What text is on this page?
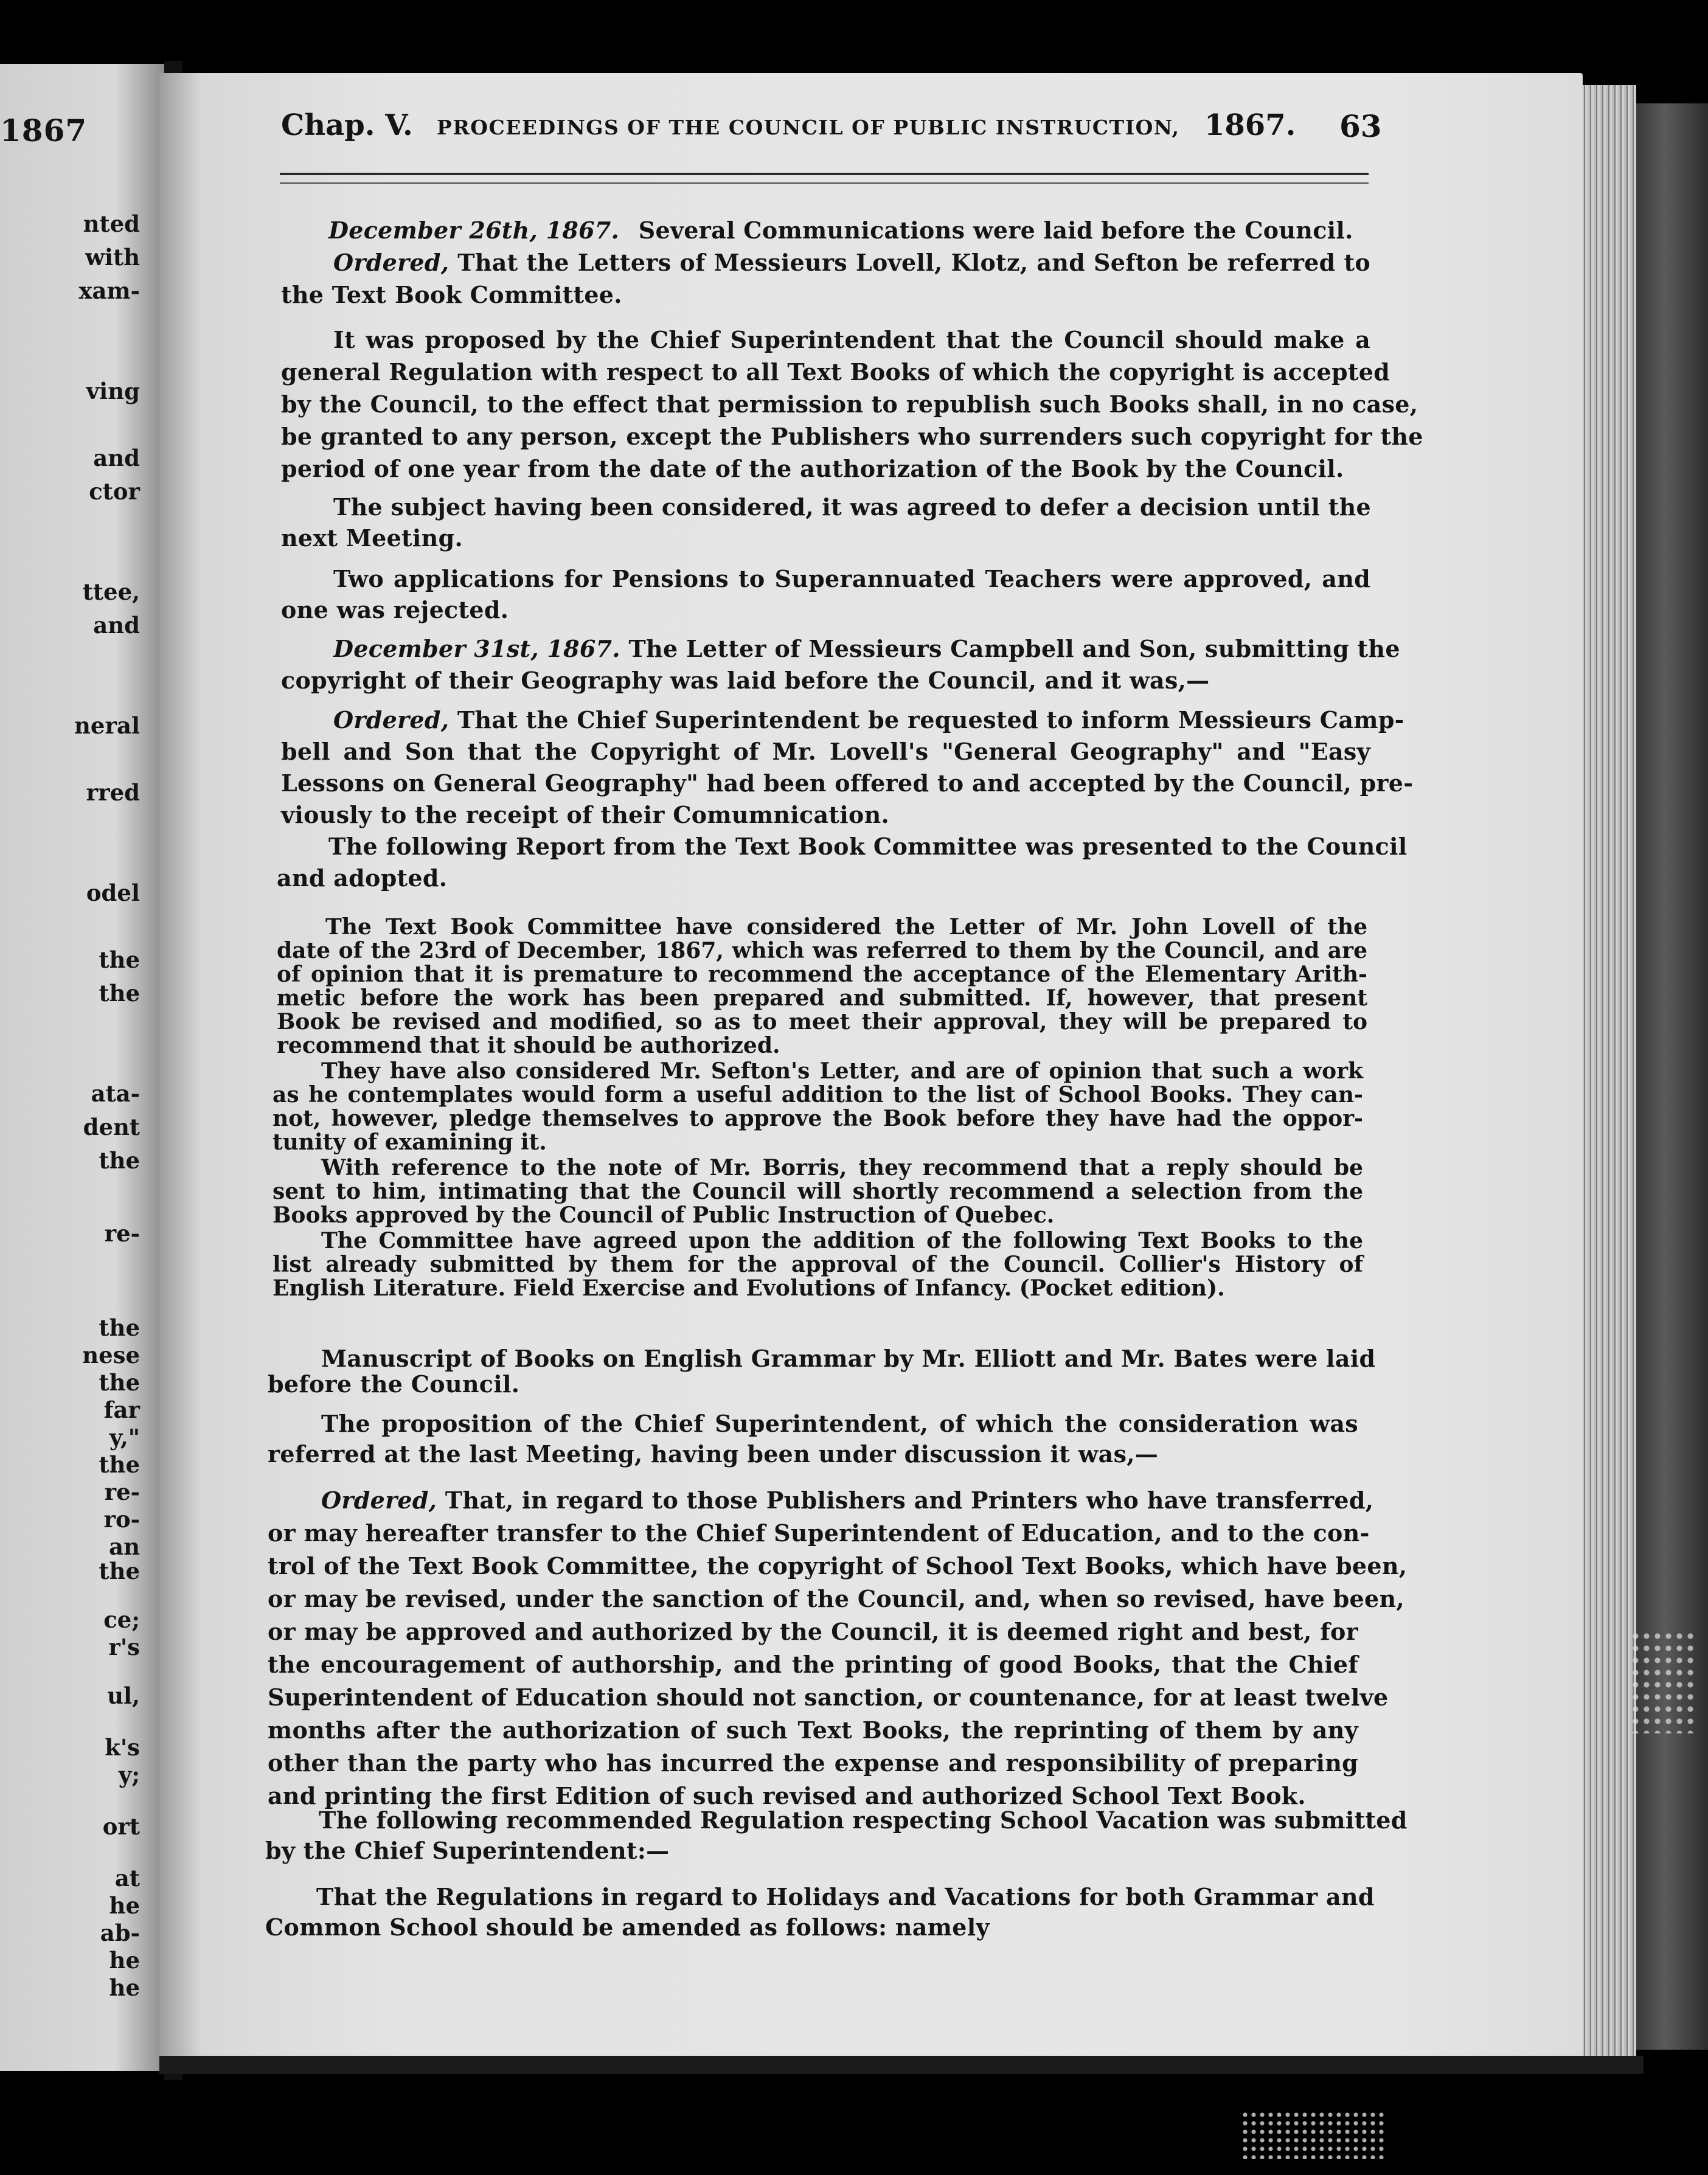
1867
nted
with
xam-
ving
and
ctor
ttee,
and
neral
rred
odel
the
the
ata-
dent
the
re-
the
nese
the
far
y,"
the
re-
ro-
an
the
ce;
r's
ul,
k's
y;
ort
at
he
ab-
he
he
Chap. V. PROCEEDINGS OF THE COUNCIL OF PUBLIC INSTRUCTION, 1867. 63
December 26th, 1867. Several Communications were laid before the Council.
Ordered, That the Letters of Messieurs Lovell, Klotz, and Sefton be referred to
the Text Book Committee.
It was proposed by the Chief Superintendent that the Council should make a
general Regulation with respect to all Text Books of which the copyright is accepted
by the Council, to the effect that permission to republish such Books shall, in no case,
be granted to any person, except the Publishers who surrenders such copyright for the
period of one year from the date of the authorization of the Book by the Council.
The subject having been considered, it was agreed to defer a decision until the
next Meeting.
Two applications for Pensions to Superannuated Teachers were approved, and
one was rejected.
December 31st, 1867. The Letter of Messieurs Campbell and Son, submitting the
copyright of their Geography was laid before the Council, and it was,—
Ordered, That the Chief Superintendent be requested to inform Messieurs Camp-
bell and Son that the Copyright of Mr. Lovell's "General Geography" and "Easy
Lessons on General Geography" had been offered to and accepted by the Council, pre-
viously to the receipt of their Comumnication.
The following Report from the Text Book Committee was presented to the Council
and adopted.
The Text Book Committee have considered the Letter of Mr. John Lovell of the
date of the 23rd of December, 1867, which was referred to them by the Council, and are
of opinion that it is premature to recommend the acceptance of the Elementary Arith-
metic before the work has been prepared and submitted. If, however, that present
Book be revised and modified, so as to meet their approval, they will be prepared to
recommend that it should be authorized.
They have also considered Mr. Sefton's Letter, and are of opinion that such a work
as he contemplates would form a useful addition to the list of School Books. They can-
not, however, pledge themselves to approve the Book before they have had the oppor-
tunity of examining it.
With reference to the note of Mr. Borris, they recommend that a reply should be
sent to him, intimating that the Council will shortly recommend a selection from the
Books approved by the Council of Public Instruction of Quebec.
The Committee have agreed upon the addition of the following Text Books to the
list already submitted by them for the approval of the Council. Collier's History of
English Literature. Field Exercise and Evolutions of Infancy. (Pocket edition).
Manuscript of Books on English Grammar by Mr. Elliott and Mr. Bates were laid
before the Council.
The proposition of the Chief Superintendent, of which the consideration was
referred at the last Meeting, having been under discussion it was,—
Ordered, That, in regard to those Publishers and Printers who have transferred,
or may hereafter transfer to the Chief Superintendent of Education, and to the con-
trol of the Text Book Committee, the copyright of School Text Books, which have been,
or may be revised, under the sanction of the Council, and, when so revised, have been,
or may be approved and authorized by the Council, it is deemed right and best, for
the encouragement of authorship, and the printing of good Books, that the Chief
Superintendent of Education should not sanction, or countenance, for at least twelve
months after the authorization of such Text Books, the reprinting of them by any
other than the party who has incurred the expense and responsibility of preparing
and printing the first Edition of such revised and authorized School Text Book.
The following recommended Regulation respecting School Vacation was submitted
by the Chief Superintendent:—
That the Regulations in regard to Holidays and Vacations for both Grammar and
Common School should be amended as follows: namely
